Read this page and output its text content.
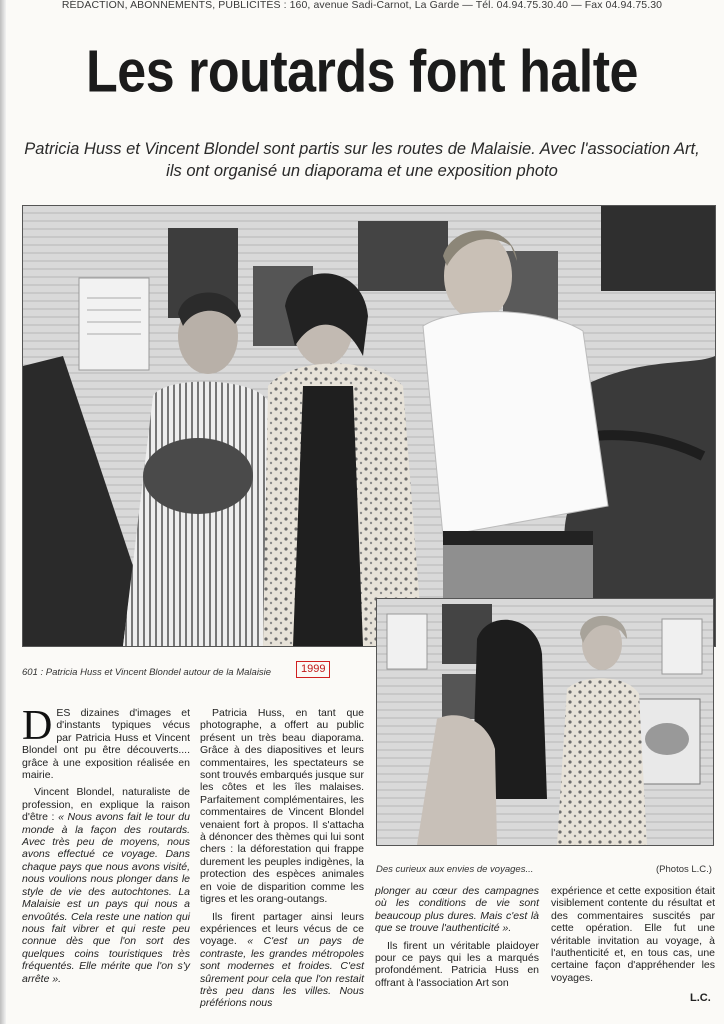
RÉDACTION, ABONNEMENTS, PUBLICITÉS : 160, avenue Sadi-Carnot, La Garde — Tél. 04.94.75.30.40 — Fax 04.94.75.30
Les routards font halte
Patricia Huss et Vincent Blondel sont partis sur les routes de Malaisie. Avec l'association Art, ils ont organisé un diaporama et une exposition photo
601 : Patricia Huss et Vincent Blondel autour de la Malaisie	1999
Des curieux aux envies de voyages...	(Photos L.C.)

DES dizaines d'images et d'instants typiques vécus par Patricia Huss et Vincent Blondel ont pu être découverts.... grâce à une exposition réalisée en mairie.

Vincent Blondel, naturaliste de profession, en explique la raison d'être : « Nous avons fait le tour du monde à la façon des routards. Avec très peu de moyens, nous avons effectué ce voyage. Dans chaque pays que nous avons visité, nous voulions nous plonger dans le style de vie des autochtones. La Malaisie est un pays qui nous a envoûtés. Cela reste une nation qui nous fait vibrer et qui reste peu connue dès que l'on sort des quelques coins touristiques très fréquentés. Elle mérite que l'on s'y arrête ».

Patricia Huss, en tant que photographe, a offert au public présent un très beau diaporama. Grâce à des diapositives et leurs commentaires, les spectateurs se sont trouvés embarqués jusque sur les côtes et les îles malaises. Parfaitement complémentaires, les commentaires de Vincent Blondel venaient fort à propos. Il s'attacha à dénoncer des thèmes qui lui sont chers : la déforestation qui frappe durement les peuples indigènes, la protection des espèces animales en voie de disparition comme les tigres et les orang-outangs.

Ils firent partager ainsi leurs expériences et leurs vécus de ce voyage. « C'est un pays de contraste, les grandes métropoles sont modernes et froides. C'est sûrement pour cela que l'on restait très peu dans les villes. Nous préférions nous

plonger au cœur des campagnes où les conditions de vie sont beaucoup plus dures. Mais c'est là que se trouve l'authenticité ».

Ils firent un véritable plaidoyer pour ce pays qui les a marqués profondément. Patricia Huss en offrant à l'association Art son

expérience et cette exposition était visiblement contente du résultat et des commentaires suscités par cette opération. Elle fut une véritable invitation au voyage, à l'authenticité et, en tous cas, une certaine façon d'appréhender les voyages.

L.C.
